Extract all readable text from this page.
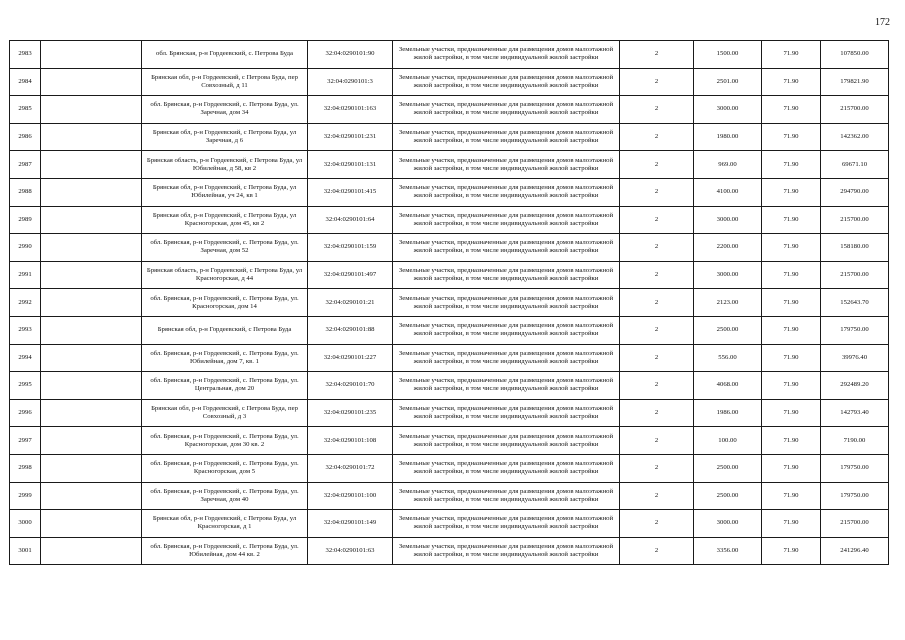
172
2983		обл. Брянская, р-н Гордеевский, с. Петрова Буда	32:04:0290101:90	Земельные участки, предназначенные для размещения домов малоэтажной жилой застройки, в том числе индивидуальной жилой застройки	2	1500.00	71.90	107850.00
2984		Брянская обл, р-н Гордеевский, с Петрова Буда, пер Совхозный, д 11	32:04:0290101:3	Земельные участки, предназначенные для размещения домов малоэтажной жилой застройки, в том числе индивидуальной жилой застройки	2	2501.00	71.90	179821.90
2985		обл. Брянская, р-н Гордеевский, с. Петрова Буда, ул. Заречная, дом 34	32:04:0290101:163	Земельные участки, предназначенные для размещения домов малоэтажной жилой застройки, в том числе индивидуальной жилой застройки	2	3000.00	71.90	215700.00
2986		Брянская обл, р-н Гордеевский, с Петрова Буда, ул Заречная, д 6	32:04:0290101:231	Земельные участки, предназначенные для размещения домов малоэтажной жилой застройки, в том числе индивидуальной жилой застройки	2	1980.00	71.90	142362.00
2987		Брянская область, р-н Гордеевский, с Петрова Буда, ул Юбилейная, д 58, кв 2	32:04:0290101:131	Земельные участки, предназначенные для размещения домов малоэтажной жилой застройки, в том числе индивидуальной жилой застройки	2	969.00	71.90	69671.10
2988		Брянская обл, р-н Гордеевский, с Петрова Буда, ул Юбилейная, уч 24, кв 1	32:04:0290101:415	Земельные участки, предназначенные для размещения домов малоэтажной жилой застройки, в том числе индивидуальной жилой застройки	2	4100.00	71.90	294790.00
2989		Брянская обл, р-н Гордеевский, с Петрова Буда, ул Красногорская, дом 45, кв 2	32:04:0290101:64	Земельные участки, предназначенные для размещения домов малоэтажной жилой застройки, в том числе индивидуальной жилой застройки	2	3000.00	71.90	215700.00
2990		обл. Брянская, р-н Гордеевский, с. Петрова Буда, ул. Заречная, дом 52	32:04:0290101:159	Земельные участки, предназначенные для размещения домов малоэтажной жилой застройки, в том числе индивидуальной жилой застройки	2	2200.00	71.90	158180.00
2991		Брянская область, р-н Гордеевский, с Петрова Буда, ул Красногорская, д 44	32:04:0290101:497	Земельные участки, предназначенные для размещения домов малоэтажной жилой застройки, в том числе индивидуальной жилой застройки	2	3000.00	71.90	215700.00
2992		обл. Брянская, р-н Гордеевский, с. Петрова Буда, ул. Красногорская, дом 14	32:04:0290101:21	Земельные участки, предназначенные для размещения домов малоэтажной жилой застройки, в том числе индивидуальной жилой застройки	2	2123.00	71.90	152643.70
2993		Брянская обл, р-н Гордеевский, с Петрова Буда	32:04:0290101:88	Земельные участки, предназначенные для размещения домов малоэтажной жилой застройки, в том числе индивидуальной жилой застройки	2	2500.00	71.90	179750.00
2994		обл. Брянская, р-н Гордеевский, с. Петрова Буда, ул. Юбилейная, дом 7, кв. 1	32:04:0290101:227	Земельные участки, предназначенные для размещения домов малоэтажной жилой застройки, в том числе индивидуальной жилой застройки	2	556.00	71.90	39976.40
2995		обл. Брянская, р-н Гордеевский, с. Петрова Буда, ул. Центральная, дом 20	32:04:0290101:70	Земельные участки, предназначенные для размещения домов малоэтажной жилой застройки, в том числе индивидуальной жилой застройки	2	4068.00	71.90	292489.20
2996		Брянская обл, р-н Гордеевский, с Петрова Буда, пер Совхозный, д 3	32:04:0290101:235	Земельные участки, предназначенные для размещения домов малоэтажной жилой застройки, в том числе индивидуальной жилой застройки	2	1986.00	71.90	142793.40
2997		обл. Брянская, р-н Гордеевский, с. Петрова Буда, ул. Красногорская, дом 30 кв. 2	32:04:0290101:108	Земельные участки, предназначенные для размещения домов малоэтажной жилой застройки, в том числе индивидуальной жилой застройки	2	100.00	71.90	7190.00
2998		обл. Брянская, р-н Гордеевский, с. Петрова Буда, ул. Красногорская, дом 5	32:04:0290101:72	Земельные участки, предназначенные для размещения домов малоэтажной жилой застройки, в том числе индивидуальной жилой застройки	2	2500.00	71.90	179750.00
2999		обл. Брянская, р-н Гордеевский, с. Петрова Буда, ул. Заречная, дом 40	32:04:0290101:100	Земельные участки, предназначенные для размещения домов малоэтажной жилой застройки, в том числе индивидуальной жилой застройки	2	2500.00	71.90	179750.00
3000		Брянская обл, р-н Гордеевский, с Петрова Буда, ул Красногорская, д 1	32:04:0290101:149	Земельные участки, предназначенные для размещения домов малоэтажной жилой застройки, в том числе индивидуальной жилой застройки	2	3000.00	71.90	215700.00
3001		обл. Брянская, р-н Гордеевский, с. Петрова Буда, ул. Юбилейная, дом 44 кв. 2	32:04:0290101:63	Земельные участки, предназначенные для размещения домов малоэтажной жилой застройки, в том числе индивидуальной жилой застройки	2	3356.00	71.90	241296.40
